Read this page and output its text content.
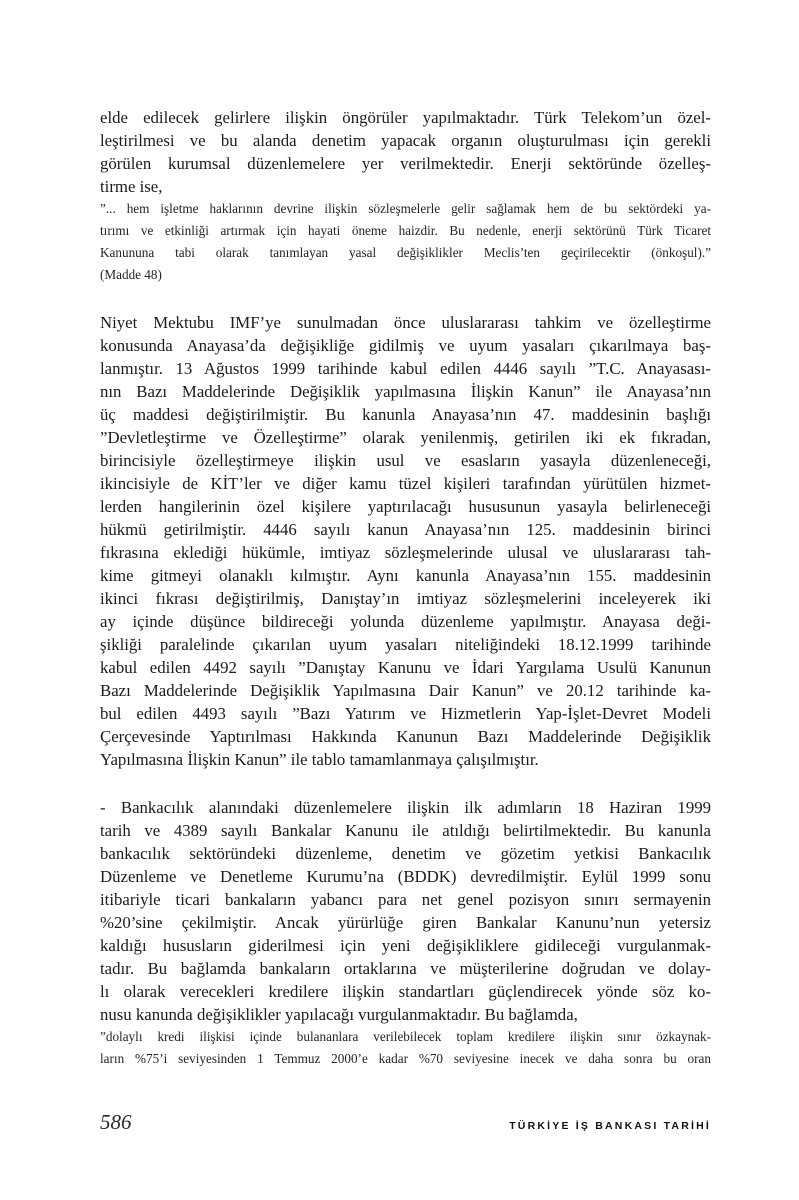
elde edilecek gelirlere ilişkin öngörüler yapılmaktadır. Türk Telekom’un özel-
leştirilmesi ve bu alanda denetim yapacak organın oluşturulması için gerekli
görülen kurumsal düzenlemelere yer verilmektedir. Enerji sektöründe özelleş-
tirme ise,
”... hem işletme haklarının devrine ilişkin sözleşmelerle gelir sağlamak hem de bu sektördeki ya-
tırımı ve etkinliği artırmak için hayati öneme haizdir. Bu nedenle, enerji sektörünü Türk Ticaret
Kanununa tabi olarak tanımlayan yasal değişiklikler Meclis’ten geçirilecektir (önkoşul).”
(Madde 48)
Niyet Mektubu IMF’ye sunulmadan önce uluslararası tahkim ve özelleştirme
konusunda Anayasa’da değişikliğe gidilmiş ve uyum yasaları çıkarılmaya baş-
lanmıştır. 13 Ağustos 1999 tarihinde kabul edilen 4446 sayılı ”T.C. Anayasası-
nın Bazı Maddelerinde Değişiklik yapılmasına İlişkin Kanun” ile Anayasa’nın
üç maddesi değiştirilmiştir. Bu kanunla Anayasa’nın 47. maddesinin başlığı
”Devletleştirme ve Özelleştirme” olarak yenilenmiş, getirilen iki ek fıkradan,
birincisiyle özelleştirmeye ilişkin usul ve esasların yasayla düzenleneceği,
ikincisiyle de KİT’ler ve diğer kamu tüzel kişileri tarafından yürütülen hizmet-
lerden hangilerinin özel kişilere yaptırılacağı hususunun yasayla belirleneceği
hükmü getirilmiştir. 4446 sayılı kanun Anayasa’nın 125. maddesinin birinci
fıkrasına eklediği hükümle, imtiyaz sözleşmelerinde ulusal ve uluslararası tah-
kime gitmeyi olanaklı kılmıştır. Aynı kanunla Anayasa’nın 155. maddesinin
ikinci fıkrası değiştirilmiş, Danıştay’ın imtiyaz sözleşmelerini inceleyerek iki
ay içinde düşünce bildireceği yolunda düzenleme yapılmıştır. Anayasa deği-
şikliği paralelinde çıkarılan uyum yasaları niteliğindeki 18.12.1999 tarihinde
kabul edilen 4492 sayılı ”Danıştay Kanunu ve İdari Yargılama Usulü Kanunun
Bazı Maddelerinde Değişiklik Yapılmasına Dair Kanun” ve 20.12 tarihinde ka-
bul edilen 4493 sayılı ”Bazı Yatırım ve Hizmetlerin Yap-İşlet-Devret Modeli
Çerçevesinde Yaptırılması Hakkında Kanunun Bazı Maddelerinde Değişiklik
Yapılmasına İlişkin Kanun” ile tablo tamamlanmaya çalışılmıştır.
- Bankacılık alanındaki düzenlemelere ilişkin ilk adımların 18 Haziran 1999
tarih ve 4389 sayılı Bankalar Kanunu ile atıldığı belirtilmektedir. Bu kanunla
bankacılık sektöründeki düzenleme, denetim ve gözetim yetkisi Bankacılık
Düzenleme ve Denetleme Kurumu’na (BDDK) devredilmiştir. Eylül 1999 sonu
itibariyle ticari bankaların yabancı para net genel pozisyon sınırı sermayenin
%20’sine çekilmiştir. Ancak yürürlüğe giren Bankalar Kanunu’nun yetersiz
kaldığı hususların giderilmesi için yeni değişikliklere gidileceği vurgulanmak-
tadır. Bu bağlamda bankaların ortaklarına ve müşterilerine doğrudan ve dolay-
lı olarak verecekleri kredilere ilişkin standartları güçlendirecek yönde söz ko-
nusu kanunda değişiklikler yapılacağı vurgulanmaktadır. Bu bağlamda,
”dolaylı kredi ilişkisi içinde bulananlara verilebilecek toplam kredilere ilişkin sınır özkaynak-
ların %75’i seviyesinden 1 Temmuz 2000’e kadar %70 seviyesine inecek ve daha sonra bu oran
586	TÜRKİYE İŞ BANKASI TARİHİ
